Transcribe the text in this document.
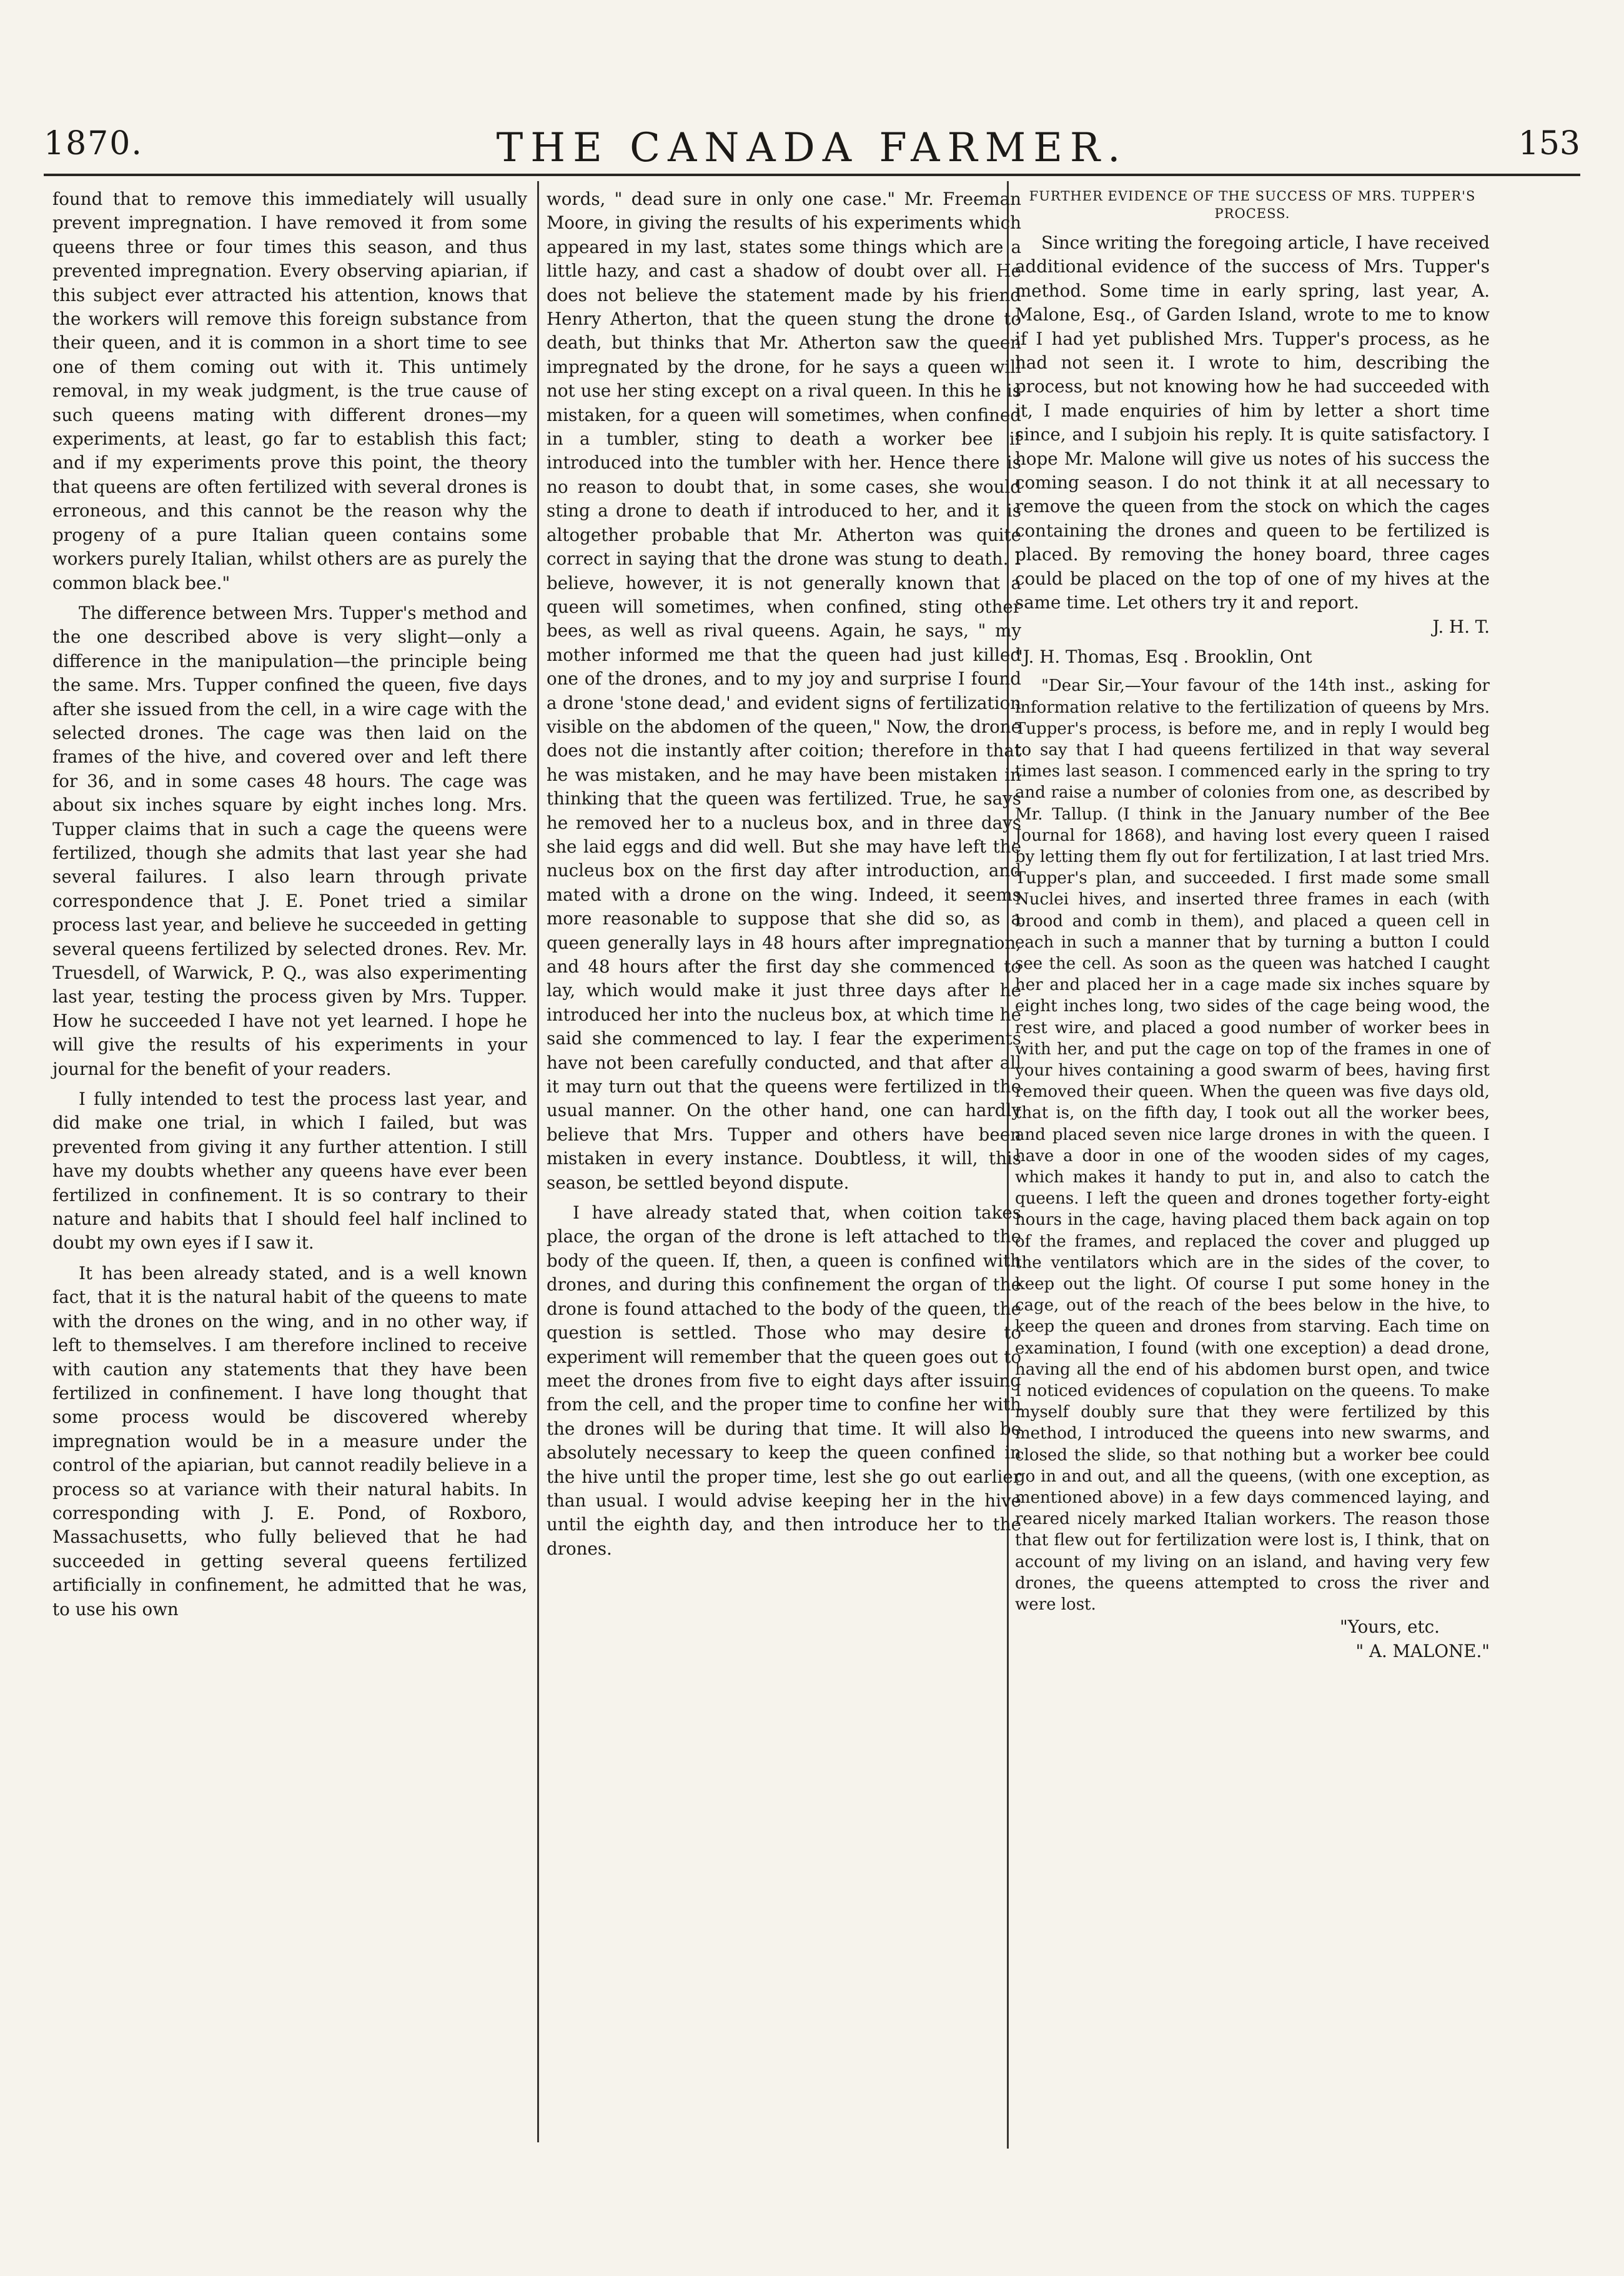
1870.	THE CANADA FARMER.	153

found that to remove this immediately will usually prevent impregnation. I have removed it from some queens three or four times this season, and thus prevented impregnation. Every observing apiarian, if this subject ever attracted his attention, knows that the workers will remove this foreign substance from their queen, and it is common in a short time to see one of them coming out with it. This untimely removal, in my weak judgment, is the true cause of such queens mating with different drones—my experiments, at least, go far to establish this fact; and if my experiments prove this point, the theory that queens are often fertilized with several drones is erroneous, and this cannot be the reason why the progeny of a pure Italian queen contains some workers purely Italian, whilst others are as purely the common black bee."

The difference between Mrs. Tupper's method and the one described above is very slight—only a difference in the manipulation—the principle being the same. Mrs. Tupper confined the queen, five days after she issued from the cell, in a wire cage with the selected drones. The cage was then laid on the frames of the hive, and covered over and left there for 36, and in some cases 48 hours. The cage was about six inches square by eight inches long. Mrs. Tupper claims that in such a cage the queens were fertilized, though she admits that last year she had several failures. I also learn through private correspondence that J. E. Ponet tried a similar process last year, and believe he succeeded in getting several queens fertilized by selected drones. Rev. Mr. Truesdell, of Warwick, P. Q., was also experimenting last year, testing the process given by Mrs. Tupper. How he succeeded I have not yet learned. I hope he will give the results of his experiments in your journal for the benefit of your readers.

I fully intended to test the process last year, and did make one trial, in which I failed, but was prevented from giving it any further attention. I still have my doubts whether any queens have ever been fertilized in confinement. It is so contrary to their nature and habits that I should feel half inclined to doubt my own eyes if I saw it.

It has been already stated, and is a well known fact, that it is the natural habit of the queens to mate with the drones on the wing, and in no other way, if left to themselves. I am therefore inclined to receive with caution any statements that they have been fertilized in confinement. I have long thought that some process would be discovered whereby impregnation would be in a measure under the control of the apiarian, but cannot readily believe in a process so at variance with their natural habits. In corresponding with J. E. Pond, of Roxboro, Massachusetts, who fully believed that he had succeeded in getting several queens fertilized artificially in confinement, he admitted that he was, to use his own

words, " dead sure in only one case." Mr. Freeman Moore, in giving the results of his experiments which appeared in my last, states some things which are a little hazy, and cast a shadow of doubt over all. He does not believe the statement made by his friend Henry Atherton, that the queen stung the drone to death, but thinks that Mr. Atherton saw the queen impregnated by the drone, for he says a queen will not use her sting except on a rival queen. In this he is mistaken, for a queen will sometimes, when confined in a tumbler, sting to death a worker bee if introduced into the tumbler with her. Hence there is no reason to doubt that, in some cases, she would sting a drone to death if introduced to her, and it is altogether probable that Mr. Atherton was quite correct in saying that the drone was stung to death. I believe, however, it is not generally known that a queen will sometimes, when confined, sting other bees, as well as rival queens. Again, he says, " my mother informed me that the queen had just killed one of the drones, and to my joy and surprise I found a drone 'stone dead,' and evident signs of fertilization visible on the abdomen of the queen," Now, the drone does not die instantly after coition; therefore in that he was mistaken, and he may have been mistaken in thinking that the queen was fertilized. True, he says he removed her to a nucleus box, and in three days she laid eggs and did well. But she may have left the nucleus box on the first day after introduction, and mated with a drone on the wing. Indeed, it seems more reasonable to suppose that she did so, as a queen generally lays in 48 hours after impregnation, and 48 hours after the first day she commenced to lay, which would make it just three days after he introduced her into the nucleus box, at which time he said she commenced to lay. I fear the experiments have not been carefully conducted, and that after all it may turn out that the queens were fertilized in the usual manner. On the other hand, one can hardly believe that Mrs. Tupper and others have been mistaken in every instance. Doubtless, it will, this season, be settled beyond dispute.

I have already stated that, when coition takes place, the organ of the drone is left attached to the body of the queen. If, then, a queen is confined with drones, and during this confinement the organ of the drone is found attached to the body of the queen, the question is settled. Those who may desire to experiment will remember that the queen goes out to meet the drones from five to eight days after issuing from the cell, and the proper time to confine her with the drones will be during that time. It will also be absolutely necessary to keep the queen confined in the hive until the proper time, lest she go out earlier than usual. I would advise keeping her in the hive until the eighth day, and then introduce her to the drones.

FURTHER EVIDENCE OF THE SUCCESS OF MRS. TUPPER'S PROCESS.

Since writing the foregoing article, I have received additional evidence of the success of Mrs. Tupper's method. Some time in early spring, last year, A. Malone, Esq., of Garden Island, wrote to me to know if I had yet published Mrs. Tupper's process, as he had not seen it. I wrote to him, describing the process, but not knowing how he had succeeded with it, I made enquiries of him by letter a short time since, and I subjoin his reply. It is quite satisfactory. I hope Mr. Malone will give us notes of his success the coming season. I do not think it at all necessary to remove the queen from the stock on which the cages containing the drones and queen to be fertilized is placed. By removing the honey board, three cages could be placed on the top of one of my hives at the same time. Let others try it and report.

J. H. T.

"J. H. Thomas, Esq . Brooklin, Ont

"Dear Sir,—Your favour of the 14th inst., asking for information relative to the fertilization of queens by Mrs. Tupper's process, is before me, and in reply I would beg to say that I had queens fertilized in that way several times last season. I commenced early in the spring to try and raise a number of colonies from one, as described by Mr. Tallup. (I think in the January number of the Bee Journal for 1868), and having lost every queen I raised by letting them fly out for fertilization, I at last tried Mrs. Tupper's plan, and succeeded. I first made some small Nuclei hives, and inserted three frames in each (with brood and comb in them), and placed a queen cell in each in such a manner that by turning a button I could see the cell. As soon as the queen was hatched I caught her and placed her in a cage made six inches square by eight inches long, two sides of the cage being wood, the rest wire, and placed a good number of worker bees in with her, and put the cage on top of the frames in one of your hives containing a good swarm of bees, having first removed their queen. When the queen was five days old, that is, on the fifth day, I took out all the worker bees, and placed seven nice large drones in with the queen. I have a door in one of the wooden sides of my cages, which makes it handy to put in, and also to catch the queens. I left the queen and drones together forty-eight hours in the cage, having placed them back again on top of the frames, and replaced the cover and plugged up the ventilators which are in the sides of the cover, to keep out the light. Of course I put some honey in the cage, out of the reach of the bees below in the hive, to keep the queen and drones from starving. Each time on examination, I found (with one exception) a dead drone, having all the end of his abdomen burst open, and twice I noticed evidences of copulation on the queens. To make myself doubly sure that they were fertilized by this method, I introduced the queens into new swarms, and closed the slide, so that nothing but a worker bee could go in and out, and all the queens, (with one exception, as mentioned above) in a few days commenced laying, and reared nicely marked Italian workers. The reason those that flew out for fertilization were lost is, I think, that on account of my living on an island, and having very few drones, the queens attempted to cross the river and were lost.

"Yours, etc.

" A. MALONE."
